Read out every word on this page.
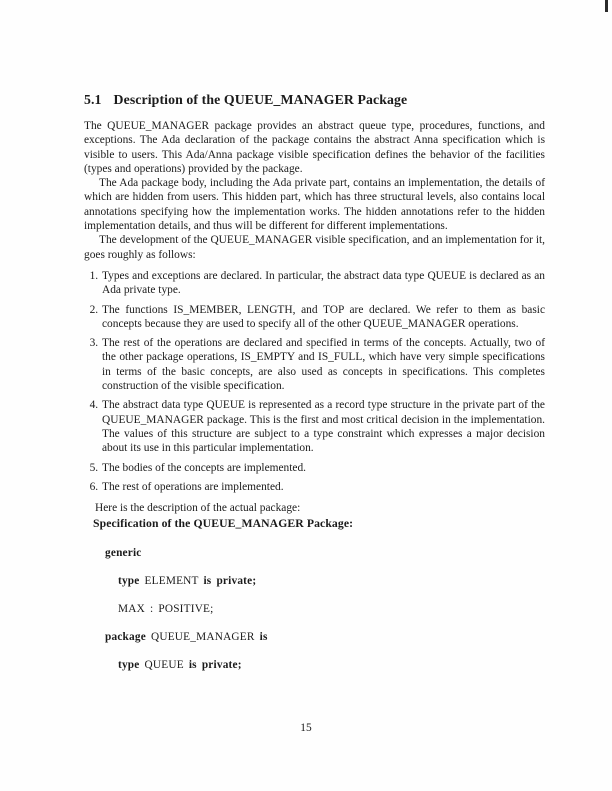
5.1 Description of the QUEUE_MANAGER Package

The QUEUE_MANAGER package provides an abstract queue type, procedures, functions, and exceptions. The Ada declaration of the package contains the abstract Anna specification which is visible to users. This Ada/Anna package visible specification defines the behavior of the facilities (types and operations) provided by the package.

The Ada package body, including the Ada private part, contains an implementation, the details of which are hidden from users. This hidden part, which has three structural levels, also contains local annotations specifying how the implementation works. The hidden annotations refer to the hidden implementation details, and thus will be different for different implementations.

The development of the QUEUE_MANAGER visible specification, and an implementation for it, goes roughly as follows:

1. Types and exceptions are declared. In particular, the abstract data type QUEUE is declared as an Ada private type.
2. The functions IS_MEMBER, LENGTH, and TOP are declared. We refer to them as basic concepts because they are used to specify all of the other QUEUE_MANAGER operations.
3. The rest of the operations are declared and specified in terms of the concepts. Actually, two of the other package operations, IS_EMPTY and IS_FULL, which have very simple specifications in terms of the basic concepts, are also used as concepts in specifications. This completes construction of the visible specification.
4. The abstract data type QUEUE is represented as a record type structure in the private part of the QUEUE_MANAGER package. This is the first and most critical decision in the implementation. The values of this structure are subject to a type constraint which expresses a major decision about its use in this particular implementation.
5. The bodies of the concepts are implemented.
6. The rest of operations are implemented.

Here is the description of the actual package:

Specification of the QUEUE_MANAGER Package:

generic
type ELEMENT is private;
MAX : POSITIVE;
package QUEUE_MANAGER is
type QUEUE is private;
15
